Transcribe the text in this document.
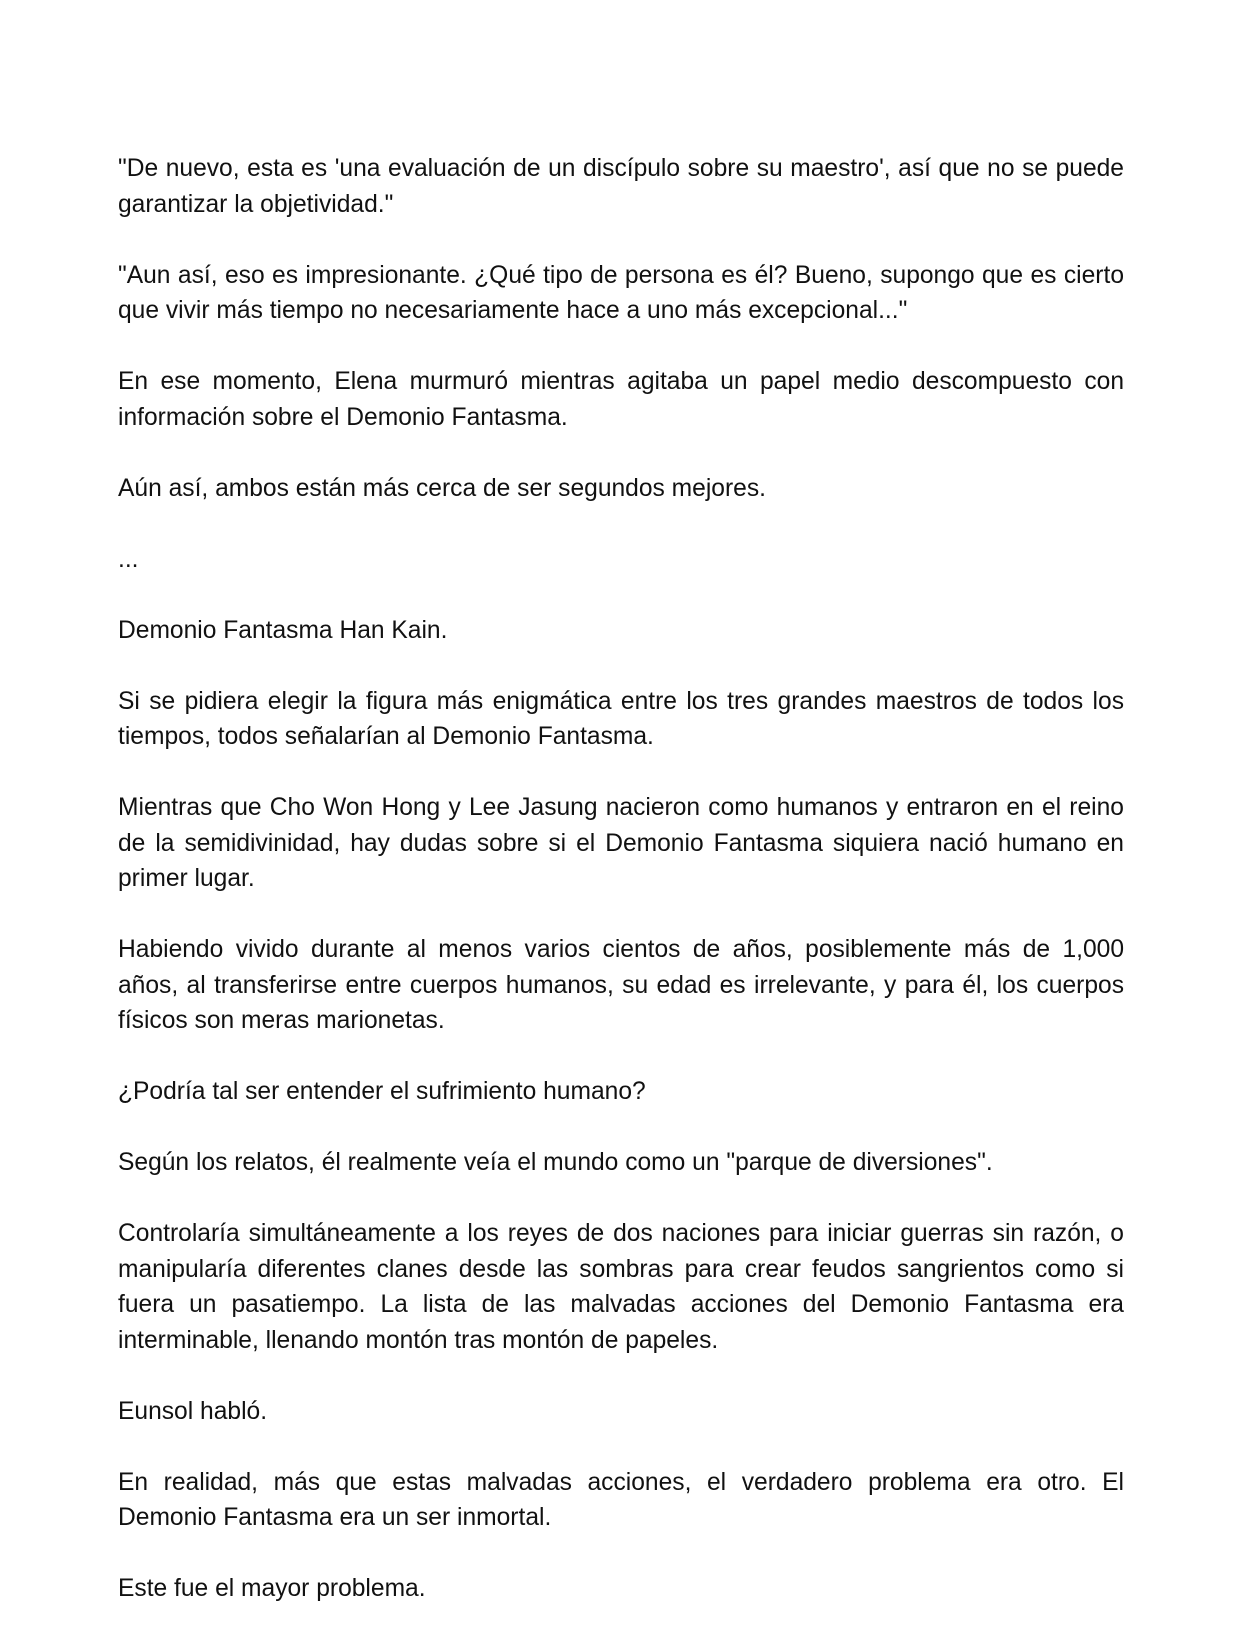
"De nuevo, esta es 'una evaluación de un discípulo sobre su maestro', así que no se puede garantizar la objetividad."

"Aun así, eso es impresionante. ¿Qué tipo de persona es él? Bueno, supongo que es cierto que vivir más tiempo no necesariamente hace a uno más excepcional..."

En ese momento, Elena murmuró mientras agitaba un papel medio descompuesto con información sobre el Demonio Fantasma.

Aún así, ambos están más cerca de ser segundos mejores.

...

Demonio Fantasma Han Kain.

Si se pidiera elegir la figura más enigmática entre los tres grandes maestros de todos los tiempos, todos señalarían al Demonio Fantasma.

Mientras que Cho Won Hong y Lee Jasung nacieron como humanos y entraron en el reino de la semidivinidad, hay dudas sobre si el Demonio Fantasma siquiera nació humano en primer lugar.

Habiendo vivido durante al menos varios cientos de años, posiblemente más de 1,000 años, al transferirse entre cuerpos humanos, su edad es irrelevante, y para él, los cuerpos físicos son meras marionetas.

¿Podría tal ser entender el sufrimiento humano?

Según los relatos, él realmente veía el mundo como un "parque de diversiones".

Controlaría simultáneamente a los reyes de dos naciones para iniciar guerras sin razón, o manipularía diferentes clanes desde las sombras para crear feudos sangrientos como si fuera un pasatiempo. La lista de las malvadas acciones del Demonio Fantasma era interminable, llenando montón tras montón de papeles.

Eunsol habló.

En realidad, más que estas malvadas acciones, el verdadero problema era otro. El Demonio Fantasma era un ser inmortal.

Este fue el mayor problema.
